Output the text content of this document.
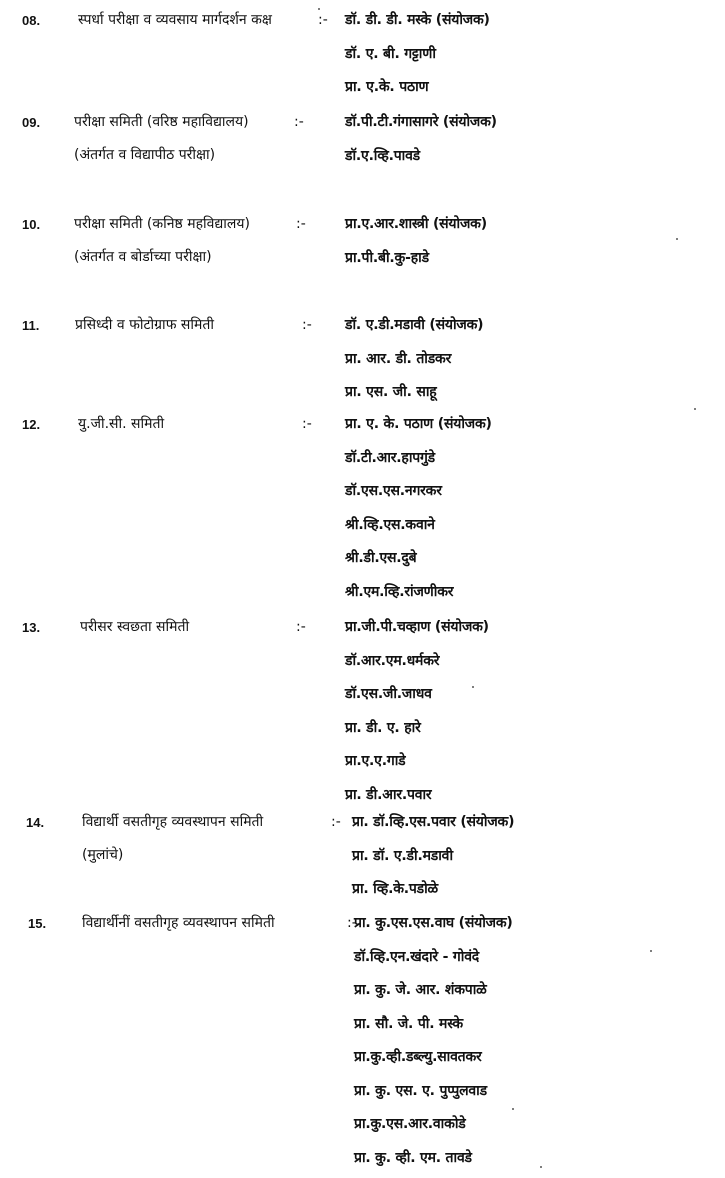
08.	स्पर्धा परीक्षा व व्यवसाय मार्गदर्शन कक्ष	:- डॉ. डी. डी. मस्के (संयोजक)
डॉ. ए. बी. गट्टाणी
प्रा. ए.के. पठाण
09. परीक्षा समिती (वरिष्ठ महाविद्यालय)
(अंतर्गत व विद्यापीठ परीक्षा)
:-	डॉ.पी.टी.गंगासागरे (संयोजक)
डॉ.ए.व्हि.पावडे
10. परीक्षा समिती (कनिष्ठ महविद्यालय)
(अंतर्गत व बोर्डाच्या परीक्षा)
:-	प्रा.ए.आर.शास्त्री (संयोजक)
प्रा.पी.बी.कु-हाडे
11.	प्रसिध्दी व फोटोग्राफ समिती	:- डॉ. ए.डी.मडावी (संयोजक)
प्रा. आर. डी. तोडकर
प्रा. एस. जी. साहू
12.	यु.जी.सी. समिती	:- प्रा. ए. के. पठाण (संयोजक)
डॉ.टी.आर.हापगुंडे
डॉ.एस.एस.नगरकर
श्री.व्हि.एस.कवाने
श्री.डी.एस.दुबे
श्री.एम.व्हि.रांजणीकर
13.	परीसर स्वछता समिती	:-	प्रा.जी.पी.चव्हाण (संयोजक)
डॉ.आर.एम.धर्मकरे
डॉ.एस.जी.जाधव
प्रा. डी. ए. हारे
प्रा.ए.ए.गाडे
प्रा. डी.आर.पवार
14.	विद्यार्थी वसतीगृह व्यवस्थापन समिती
(मुलांचे)
:- प्रा. डॉ.व्हि.एस.पवार (संयोजक)
प्रा. डॉ. ए.डी.मडावी
प्रा. व्हि.के.पडोळे
15.	विद्यार्थीनीं वसतीगृह व्यवस्थापन समिती	:-
प्रा. कु.एस.एस.वाघ (संयोजक)
डॉ.व्हि.एन.खंदारे - गोवंदे
प्रा. कु. जे. आर. शंकपाळे
प्रा. सौ. जे. पी. मस्के
प्रा.कु.व्ही.डब्ल्यु.सावतकर
प्रा. कु. एस. ए. पुप्पुलवाड
प्रा.कु.एस.आर.वाकोडे
प्रा. कु. व्ही. एम. तावडे
